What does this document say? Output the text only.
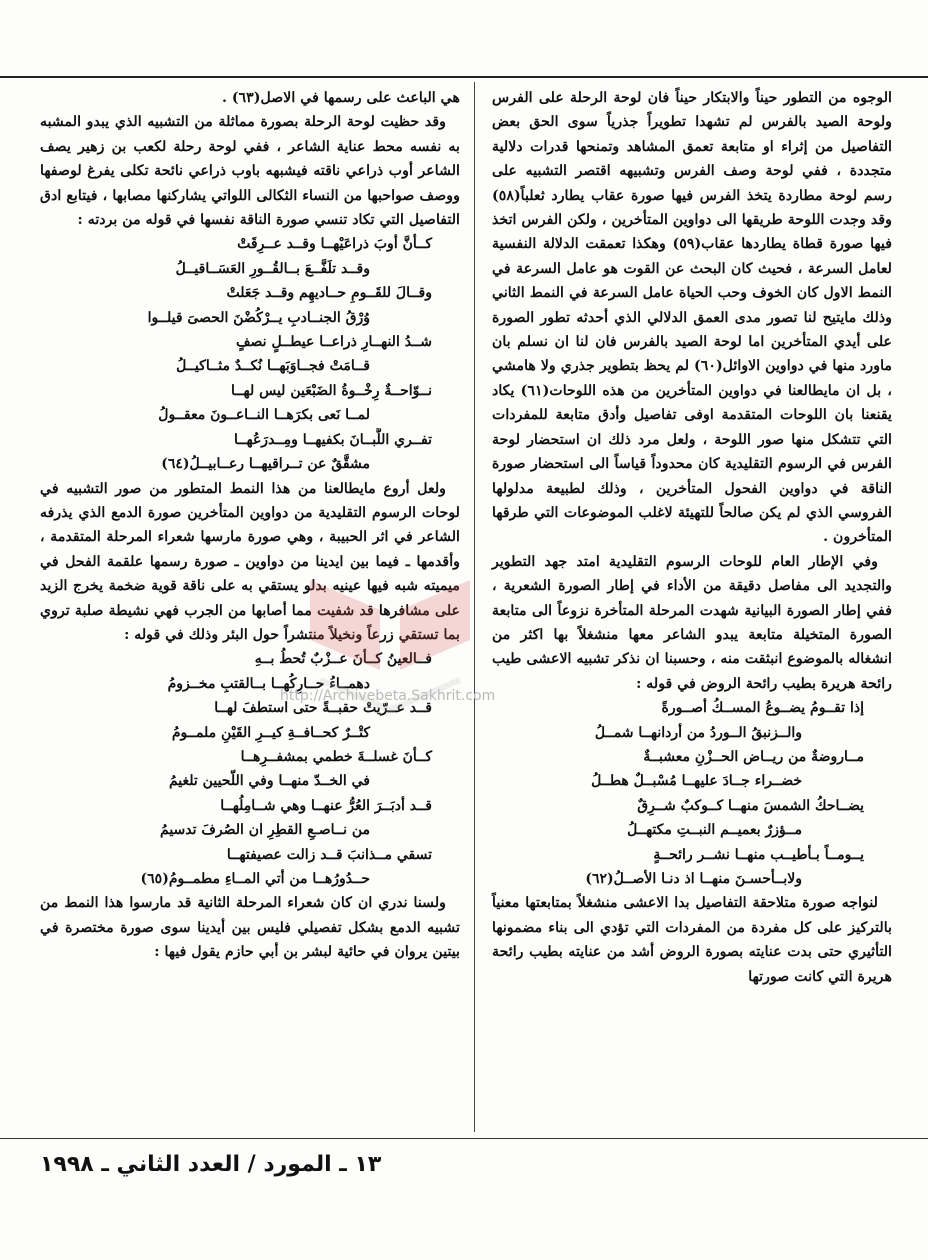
الوجوه من التطور حيناً والابتكار حيناً فان لوحة الرحلة على الفرس ولوحة الصيد بالفرس لم تشهدا تطويراً جذرياً سوى الحق بعض التفاصيل من إثراء او متابعة تعمق المشاهد وتمنحها قدرات دلالية متجددة ، ففي لوحة وصف الفرس وتشبيهه اقتصر التشبيه على رسم لوحة مطاردة يتخذ الفرس فيها صورة عقاب يطارد ثعلباً(٥٨) وقد وجدت اللوحة طريقها الى دواوين المتأخرين ، ولكن الفرس اتخذ فيها صورة قطاة يطاردها عقاب(٥٩) وهكذا تعمقت الدلالة النفسية لعامل السرعة ، فحيث كان البحث عن القوت هو عامل السرعة في النمط الاول كان الخوف وحب الحياة عامل السرعة في النمط الثاني وذلك مايتيح لنا تصور مدى العمق الدلالي الذي أحدثه تطور الصورة على أيدي المتأخرين اما لوحة الصيد بالفرس فان لنا ان نسلم بان ماورد منها في دواوين الاوائل(٦٠) لم يحظ بتطوير جذري ولا هامشي ، بل ان مايطالعنا في دواوين المتأخرين من هذه اللوحات(٦١) يكاد يقنعنا بان اللوحات المتقدمة اوفى تفاصيل وأدق متابعة للمفردات التي تتشكل منها صور اللوحة ، ولعل مرد ذلك ان استحضار لوحة الفرس في الرسوم التقليدية كان محدوداً قياساً الى استحضار صورة الناقة في دواوين الفحول المتأخرين ، وذلك لطبيعة مدلولها الفروسي الذي لم يكن صالحاً للتهيئة لاغلب الموضوعات التي طرقها المتأخرون .

وفي الإطار العام للوحات الرسوم التقليدية امتد جهد التطوير والتجديد الى مفاصل دقيقة من الأداء في إطار الصورة الشعرية ، ففي إطار الصورة البيانية شهدت المرحلة المتأخرة نزوعاً الى متابعة الصورة المتخيلة متابعة يبدو الشاعر معها منشغلاً بها اكثر من انشغاله بالموضوع انبثقت منه ، وحسبنا ان نذكر تشبيه الاعشى طيب رائحة هريرة بطيب رائحة الروض في قوله :

إذا تقــومُ يضــوعُ المســكُ أصــورةً
والــزنبقُ الــوردُ من أردانهــا شمــلُ
مــاروضةٌ من ريــاض الحــزْنِ معشبــةٌ
خضــراء جــادَ عليهــا مُسْبــلٌ هطــلُ
يضــاحكُ الشمسَ منهــا كــوكبٌ شــرِقٌ
مــؤزرٌ بعميــم النبــتِ مكتهــلُ
يــومــاً بـأطيــب منهــا نشــر رائحــةٍ
ولابــأحسـنَ منهــا اذ دنـا الأصــلُ(٦٢)

لنواجه صورة متلاحقة التفاصيل بدا الاعشى منشغلاً بمتابعتها معنياً بالتركيز على كل مفردة من المفردات التي تؤدي الى بناء مضمونها التأثيري حتى بدت عنايته بصورة الروض أشد من عنايته بطيب رائحة هريرة التي كانت صورتها

هي الباعث على رسمها في الاصل(٦٣) .

وقد حظيت لوحة الرحلة بصورة مماثلة من التشبيه الذي يبدو المشبه به نفسه محط عناية الشاعر ، ففي لوحة رحلة لكعب بن زهير يصف الشاعر أوب ذراعي ناقته فيشبهه باوب ذراعي نائحة تكلى يفرغ لوصفها ووصف صواحبها من النساء الثكالى اللواتي يشاركنها مصابها ، فيتابع ادق التفاصيل التي تكاد تنسي صورة الناقة نفسها في قوله من بردته :

كــأنَّ أوبَ ذراعَيْهــا وقــد عــرِقَتْ
وقــد تلَفَّــعَ بــالقُــورِ العَسَــاقيــلُ
وقــالَ للقَــومِ حــاديهِم وقــد جَعَلتْ
وُرْقُ الجنــادبِ يــرْكُضْنَ الحصىَ قيلــوا
شــدُ النهــارِ ذراعــا عيطــلٍ نصفٍ
قــامَتْ فجــاوَبَهــا نُكــدٌ مثــاكيــلُ
نــوّاحــةٌ رِخْــوةُ الضَبْعَين ليس لهــا
لمــا نَعى بكرَهــا النــاعــونَ معقــولُ
تفــري اللَّبــانَ بكفيهــا ومِــدرَعُهــا
مشقَّقٌ عن تــراقيهــا رعــابيــلُ(٦٤)

ولعل أروع مايطالعنا من هذا النمط المتطور من صور التشبيه في لوحات الرسوم التقليدية من دواوين المتأخرين صورة الدمع الذي يذرفه الشاعر في اثر الحبيبة ، وهي صورة مارسها شعراء المرحلة المتقدمة ، وأقدمها ـ فيما بين ايدينا من دواوين ـ صورة رسمها علقمة الفحل في ميميته شبه فيها عينيه بدلو يستقي به على ناقة قوية ضخمة يخرج الزيد على مشافرها قد شفيت مما أصابها من الجرب فهي نشيطة صلبة تروي بما تستقي زرعاً ونخيلاً منتشراً حول البئر وذلك في قوله :

فــالعينُ كــأنَ عــزْبٌ تُحطُ بــهِ
دهمــاءُ حــارِكُهــا بــالقتبِ مخــزومُ
قــد عــرّيتْ حقبــةً حتى استطفَ لهــا
كتْــرٌ كحــافــةِ كيــرِ القَيْنِ ملمــومُ
كــأنَ غسلــةَ خطمي بمشفــرِهــا
في الخــدّ منهــا وفي اللّحيين تلغيمُ
قــد أدبَــرَ العُرُّ عنهــا وهي شــامِلُهــا
من نــاصـعِ القطِرِ ان الصُرفَ تدسيمُ
تسقي مــذانبَ قــد زالت عصيفتهــا
حــدُورُهــا من أتي المــاءِ مطمــومُ(٦٥)

ولسنا ندري ان كان شعراء المرحلة الثانية قد مارسوا هذا النمط من تشبيه الدمع بشكل تفصيلي فليس بين أيدينا سوى صورة مختصرة في بيتين يروان في حائية لبشر بن أبي حازم يقول فيها :

http://Archivebeta.Sakhrit.com
١٣ ـ المورد / العدد الثاني ـ ١٩٩٨
